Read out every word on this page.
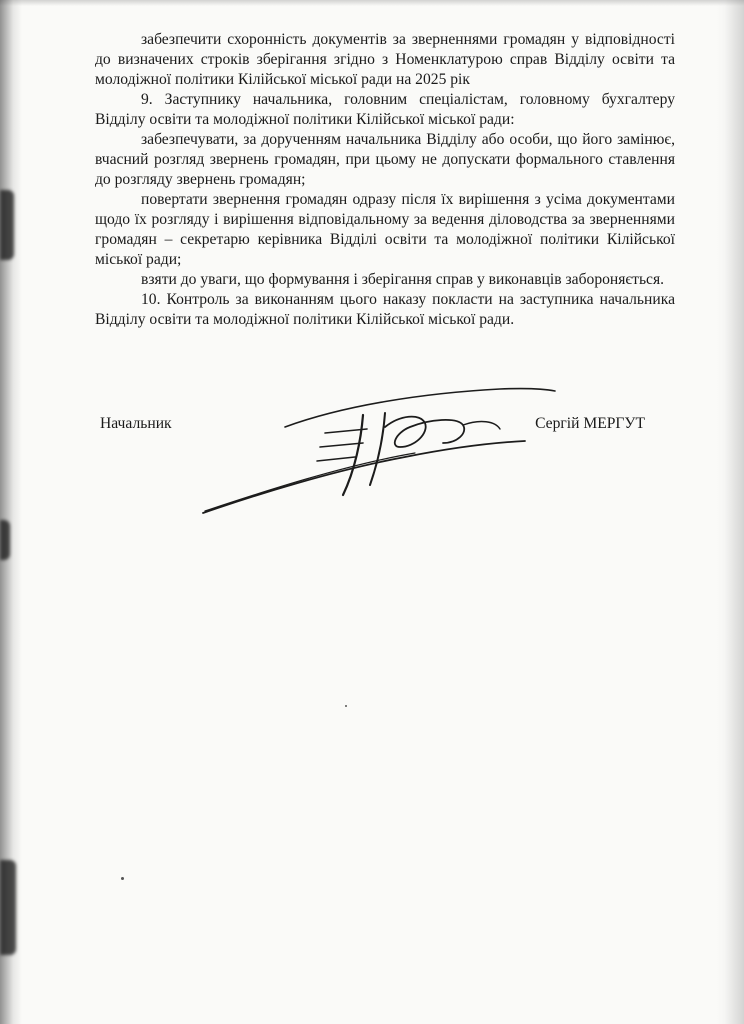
забезпечити схоронність документів за зверненнями громадян у відповідності до визначених строків зберігання згідно з Номенклатурою справ Відділу освіти та молодіжної політики Кілійської міської ради на 2025 рік

9. Заступнику начальника, головним спеціалістам, головному бухгалтеру Відділу освіти та молодіжної політики Кілійської міської ради:

забезпечувати, за дорученням начальника Відділу або особи, що його замінює, вчасний розгляд звернень громадян, при цьому не допускати формального ставлення до розгляду звернень громадян;

повертати звернення громадян одразу після їх вирішення з усіма документами щодо їх розгляду і вирішення відповідальному за ведення діловодства за зверненнями громадян – секретарю керівника Відділі освіти та молодіжної політики Кілійської міської ради;

взяти до уваги, що формування і зберігання справ у виконавців забороняється.

10. Контроль за виконанням цього наказу покласти на заступника начальника Відділу освіти та молодіжної політики Кілійської міської ради.

Начальник	Сергій МЕРГУТ
